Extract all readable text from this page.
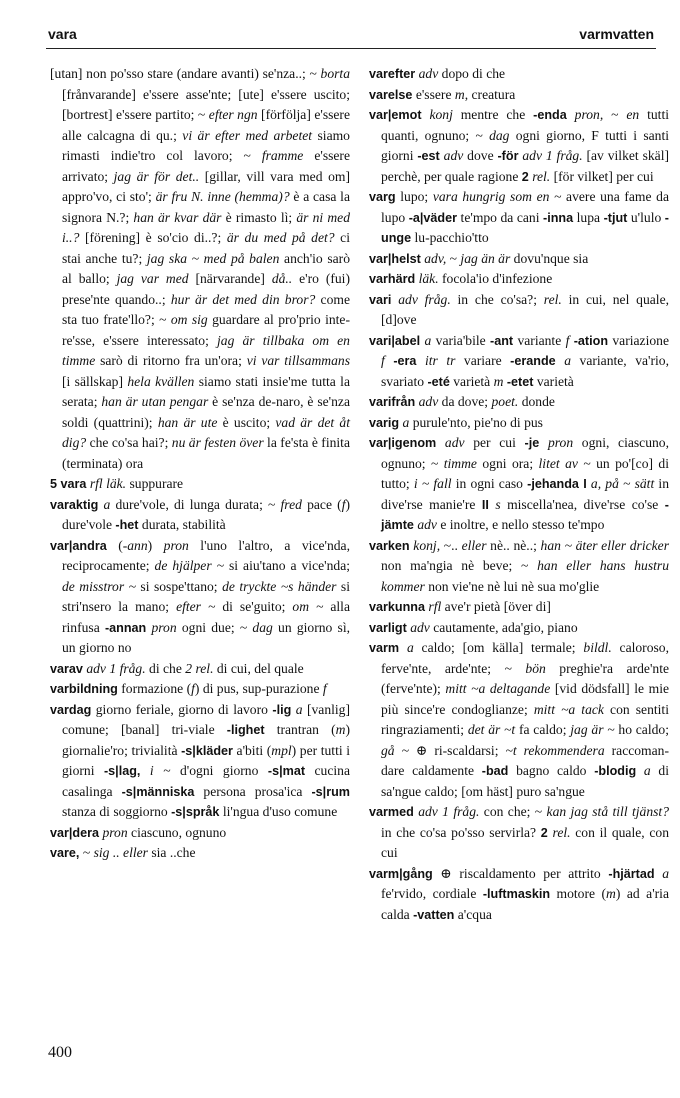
vara	varmvatten

[utan] non po'sso stare (andare avanti) se'nza..; ~ borta [frånvarande] e'ssere asse'nte; [ute] e'ssere uscito; [bortrest] e'ssere partito; ~ efter ngn [förfölja] e'ssere alle calcagna di qu.; vi är efter med arbetet siamo rimasti indie'tro col lavoro; ~ framme e'ssere arrivato; jag är för det.. [gillar, vill vara med om] appro'vo, ci sto'; är fru N. inne (hemma)? è a casa la signora N.?; han är kvar där è rimasto lì; är ni med i..? [förening] è so'cio di..?; är du med på det? ci stai anche tu?; jag ska ~ med på balen anch'io sarò al ballo; jag var med [närvarande] då.. e'ro (fui) prese'nte quando..; hur är det med din bror? come sta tuo frate'llo?; ~ om sig guardare al pro'prio inte-re'sse, e'ssere interessato; jag är tillbaka om en timme sarò di ritorno fra un'ora; vi var tillsammans [i sällskap] hela kvällen siamo stati insie'me tutta la serata; han är utan pengar è se'nza de-naro, è se'nza soldi (quattrini); han är ute è uscito; vad är det åt dig? che co'sa hai?; nu är festen över la fe'sta è finita (terminata) ora

5 vara rfl läk. suppurare

varaktig a dure'vole, di lunga durata; ~ fred pace (f) dure'vole -het durata, stabilità

var|andra (-ann) pron l'uno l'altro, a vice'nda, reciprocamente; de hjälper ~ si aiu'tano a vice'nda; de misstror ~ si sospe'ttano; de tryckte ~s händer si stri'nsero la mano; efter ~ di se'guito; om ~ alla rinfusa -annan pron ogni due; ~ dag un giorno sì, un giorno no

varav adv 1 fråg. di che 2 rel. di cui, del quale

varbildning formazione (f) di pus, sup-purazione f

vardag giorno feriale, giorno di lavoro -lig a [vanlig] comune; [banal] tri-viale -lighet trantran (m) giornalie'ro; trivialità -s|kläder a'biti (mpl) per tutti i giorni -s|lag, i ~ d'ogni giorno -s|mat cucina casalinga -s|människa persona prosa'ica -s|rum stanza di soggiorno -s|språk li'ngua d'uso comune

var|dera pron ciascuno, ognuno

vare, ~ sig .. eller sia ..che

varefter adv dopo di che

varelse e'ssere m, creatura

var|emot konj mentre che -enda pron, ~ en tutti quanti, ognuno; ~ dag ogni giorno, F tutti i santi giorni -est adv dove -för adv 1 fråg. [av vilket skäl] perchè, per quale ragione 2 rel. [för vilket] per cui

varg lupo; vara hungrig som en ~ avere una fame da lupo -a|väder te'mpo da cani -inna lupa -tjut u'lulo -unge lu-pacchio'tto

var|helst adv, ~ jag än är dovu'nque sia

varhärd läk. focola'io d'infezione

vari adv fråg. in che co'sa?; rel. in cui, nel quale, [d]ove

vari|abel a varia'bile -ant variante f -ation variazione f -era itr tr variare -erande a variante, va'rio, svariato -eté varietà m -etet varietà

varifrån adv da dove; poet. donde

varig a purule'nto, pie'no di pus

var|igenom adv per cui -je pron ogni, ciascuno, ognuno; ~ timme ogni ora; litet av ~ un po'[co] di tutto; i ~ fall in ogni caso -jehanda I a, på ~ sätt in dive'rse manie're II s miscella'nea, dive'rse co'se -jämte adv e inoltre, e nello stesso te'mpo

varken konj, ~.. eller nè.. nè..; han ~ äter eller dricker non ma'ngia nè beve; ~ han eller hans hustru kommer non vie'ne nè lui nè sua mo'glie

varkunna rfl ave'r pietà [över di]

varligt adv cautamente, ada'gio, piano

varm a caldo; [om källa] termale; bildl. caloroso, ferve'nte, arde'nte; ~ bön preghie'ra arde'nte (ferve'nte); mitt ~a deltagande [vid dödsfall] le mie più since're condoglianze; mitt ~a tack con sentiti ringraziamenti; det är ~t fa caldo; jag är ~ ho caldo; gå ~ ⊕ ri-scaldarsi; ~t rekommendera raccoman-dare caldamente -bad bagno caldo -blodig a di sa'ngue caldo; [om häst] puro sa'ngue

varmed adv 1 fråg. con che; ~ kan jag stå till tjänst? in che co'sa po'sso servirla? 2 rel. con il quale, con cui

varm|gång ⊕ riscaldamento per attrito -hjärtad a fe'rvido, cordiale -luftmaskin motore (m) ad a'ria calda -vatten a'cqua

400
